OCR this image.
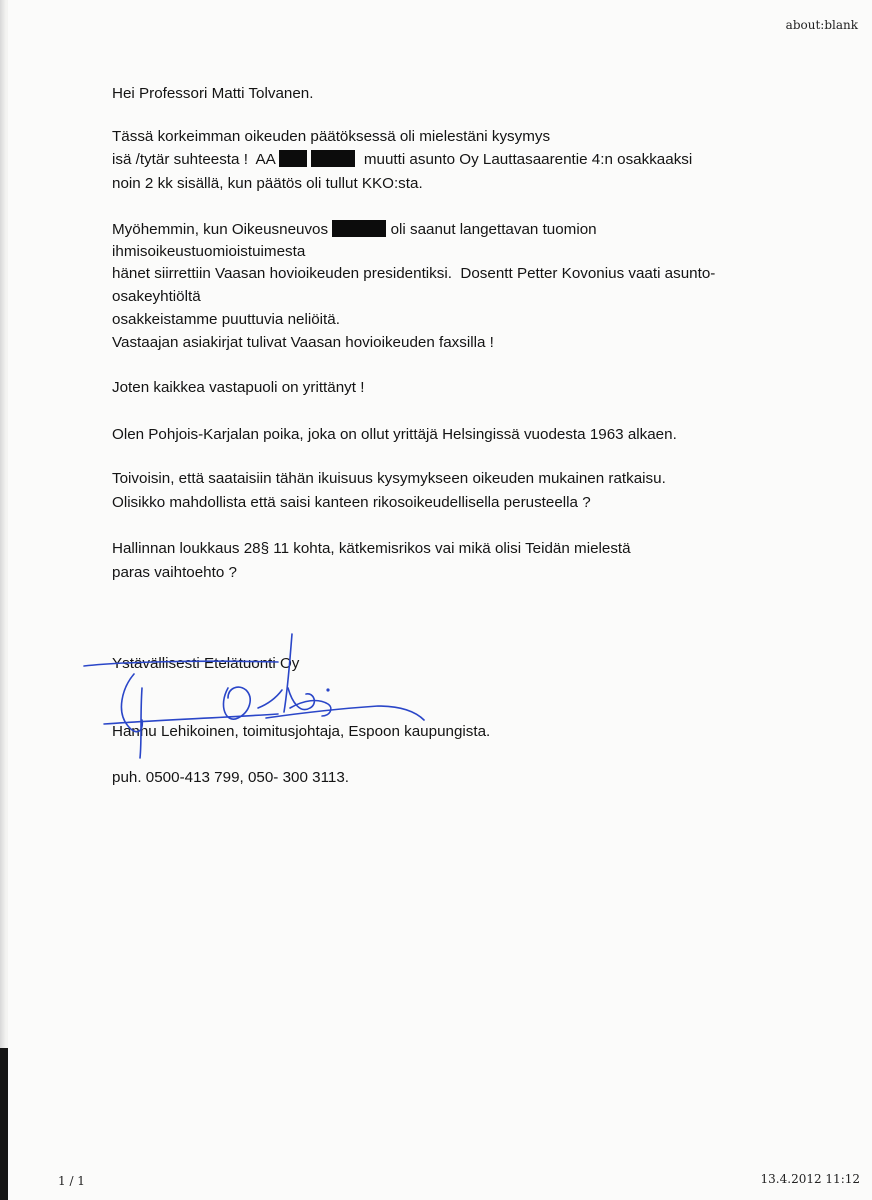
about:blank
Hei Professori Matti Tolvanen.
Tässä korkeimman oikeuden päätöksessä oli mielestäni kysymys
isä /tytär suhteesta !  AA	muutti asunto Oy Lauttasaarentie 4:n osakkaaksi
noin 2 kk sisällä, kun päätös oli tullut KKO:sta.
Myöhemmin, kun Oikeusneuvos	oli saanut langettavan tuomion
ihmisoikeustuomioistuimesta
hänet siirrettiin Vaasan hovioikeuden presidentiksi.  Dosentt Petter Kovonius vaati asunto-
osakeyhtiöltä
osakkeistamme puuttuvia neliöitä.
Vastaajan asiakirjat tulivat Vaasan hovioikeuden faxsilla !
Joten kaikkea vastapuoli on yrittänyt !
Olen Pohjois-Karjalan poika, joka on ollut yrittäjä Helsingissä vuodesta 1963 alkaen.
Toivoisin, että saataisiin tähän ikuisuus kysymykseen oikeuden mukainen ratkaisu.
Olisikko mahdollista että saisi kanteen rikosoikeudellisella perusteella ?
Hallinnan loukkaus 28§ 11 kohta, kätkemisrikos vai mikä olisi Teidän mielestä
paras vaihtoehto ?
Ystävällisesti Etelätuonti Oy
Hannu Lehikoinen, toimitusjohtaja, Espoon kaupungista.
puh. 0500-413 799, 050- 300 3113.
1 / 1	13.4.2012 11:12
